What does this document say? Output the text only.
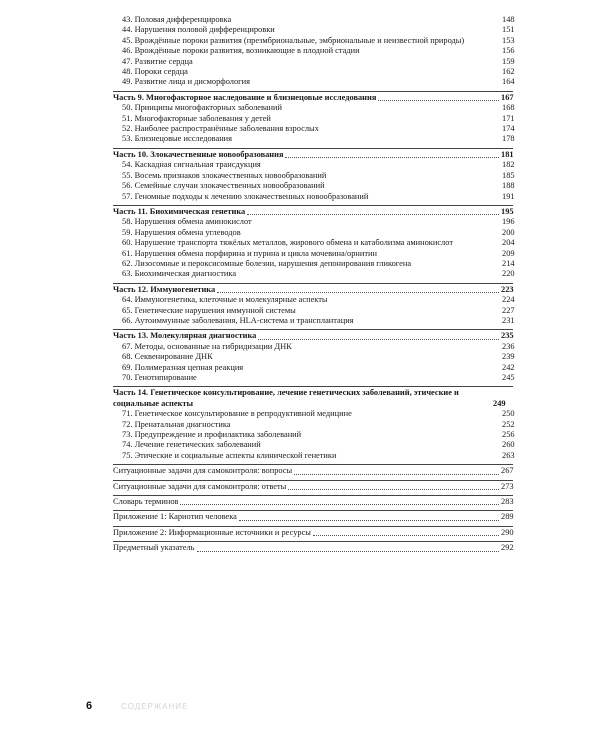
43. Половая дифференцировка	148
44. Нарушения половой дифференцировки	151
45. Врождённые пороки развития (презмбриональные, эмбриональные и неизвестной природы)	153
46. Врождённые пороки развития, возникающие в плодной стадии	156
47. Развитие сердца	159
48. Пороки сердца	162
49. Развитие лица и дисморфология	164
Часть 9. Многофакторное наследование и близнецовые исследования	167
50. Принципы многофакторных заболеваний	168
51. Многофакторные заболевания у детей	171
52. Наиболее распространённые заболевания взрослых	174
53. Близнецовые исследования	178
Часть 10. Злокачественные новообразования	181
54. Каскадная сигнальная трансдукция	182
55. Восемь признаков злокачественных новообразований	185
56. Семейные случаи злокачественных новообразований	188
57. Геномные подходы к лечению злокачественных новообразований	191
Часть 11. Биохимическая генетика	195
58. Нарушения обмена аминокислот	196
59. Нарушения обмена углеводов	200
60. Нарушение транспорта тяжёлых металлов, жирового обмена и катаболизма аминокислот	204
61. Нарушения обмена порфирина и пурина и цикла мочевина/орнитин	209
62. Лизосомные и пероксисомные болезни, нарушения депонирования гликогена	214
63. Биохимическая диагностика	220
Часть 12. Иммуногенетика	223
64. Иммуногенетика, клеточные и молекулярные аспекты	224
65. Генетические нарушения иммунной системы	227
66. Аутоиммунные заболевания, HLA-система и трансплантация	231
Часть 13. Молекулярная диагностика	235
67. Методы, основанные на гибридизации ДНК	236
68. Секвенирование ДНК	239
69. Полимеразная цепная реакция	242
70. Генотипирование	245
Часть 14. Генетическое консультирование, лечение генетических заболеваний, этические и социальные аспекты	249
71. Генетическое консультирование в репродуктивной медицине	250
72. Пренатальная диагностика	252
73. Предупреждение и профилактика заболеваний	256
74. Лечение генетических заболеваний	260
75. Этические и социальные аспекты клинической генетики	263
Ситуационные задачи для самоконтроля: вопросы	267
Ситуационные задачи для самоконтроля: ответы	273
Словарь терминов	283
Приложение 1: Кариотип человека	289
Приложение 2: Информационные источники и ресурсы	290
Предметный указатель	292
6	СОДЕРЖАНИЕ
